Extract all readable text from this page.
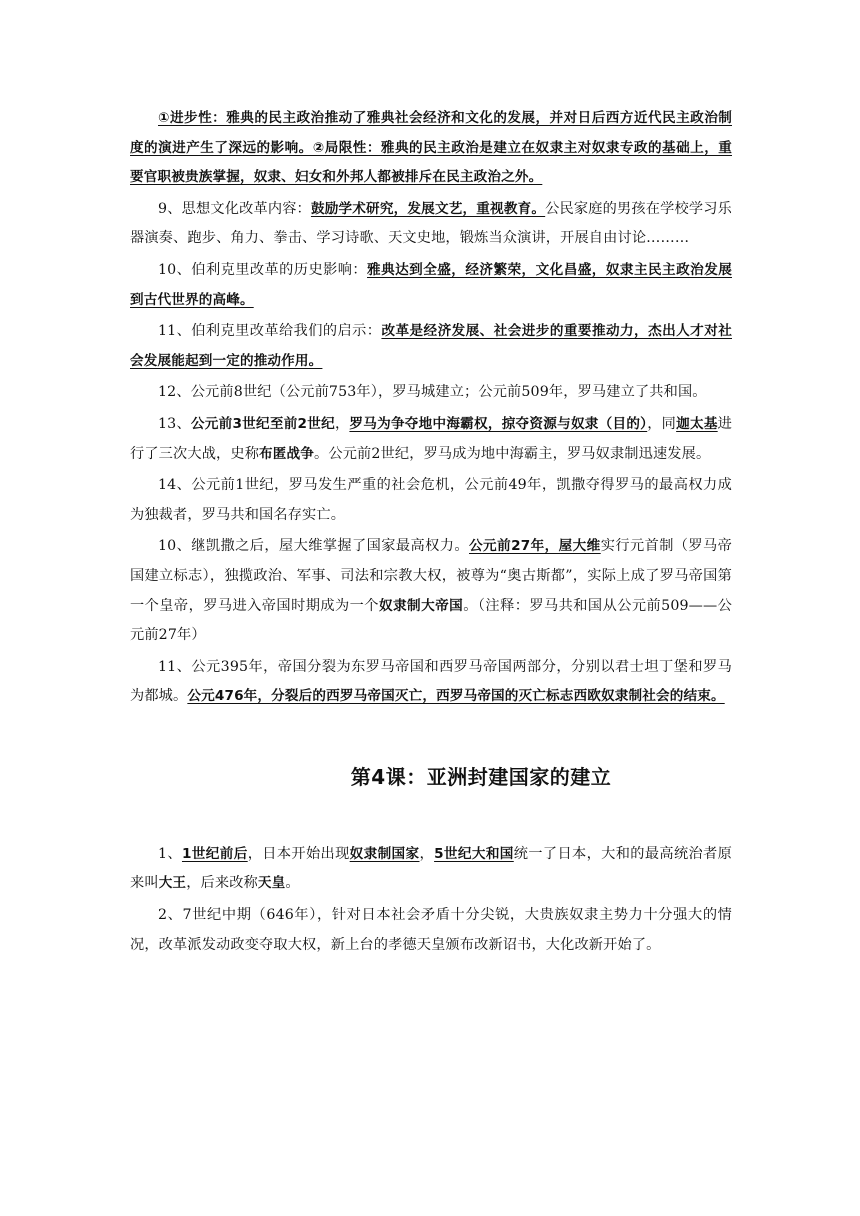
①进步性：雅典的民主政治推动了雅典社会经济和文化的发展，并对日后西方近代民主政治制度的演进产生了深远的影响。②局限性：雅典的民主政治是建立在奴隶主对奴隶专政的基础上，重要官职被贵族掌握，奴隶、妇女和外邦人都被排斥在民主政治之外。

9、思想文化改革内容：鼓励学术研究，发展文艺，重视教育。公民家庭的男孩在学校学习乐器演奏、跑步、角力、拳击、学习诗歌、天文史地，锻炼当众演讲，开展自由讨论………

10、伯利克里改革的历史影响：雅典达到全盛，经济繁荣，文化昌盛，奴隶主民主政治发展到古代世界的高峰。

11、伯利克里改革给我们的启示：改革是经济发展、社会进步的重要推动力，杰出人才对社会发展能起到一定的推动作用。

12、公元前8世纪（公元前753年），罗马城建立；公元前509年，罗马建立了共和国。

13、公元前3世纪至前2世纪，罗马为争夺地中海霸权，掠夺资源与奴隶（目的），同迦太基进行了三次大战，史称布匿战争。公元前2世纪，罗马成为地中海霸主，罗马奴隶制迅速发展。

14、公元前1世纪，罗马发生严重的社会危机，公元前49年，凯撒夺得罗马的最高权力成为独裁者，罗马共和国名存实亡。

10、继凯撒之后，屋大维掌握了国家最高权力。公元前27年，屋大维实行元首制（罗马帝国建立标志），独揽政治、军事、司法和宗教大权，被尊为“奥古斯都”，实际上成了罗马帝国第一个皇帝，罗马进入帝国时期成为一个奴隶制大帝国。（注释：罗马共和国从公元前509——公元前27年）

11、公元395年，帝国分裂为东罗马帝国和西罗马帝国两部分，分别以君士坦丁堡和罗马为都城。公元476年，分裂后的西罗马帝国灭亡，西罗马帝国的灭亡标志西欧奴隶制社会的结束。

第4课：亚洲封建国家的建立

1、1世纪前后，日本开始出现奴隶制国家，5世纪大和国统一了日本，大和的最高统治者原来叫大王，后来改称天皇。

2、7世纪中期（646年），针对日本社会矛盾十分尖锐，大贵族奴隶主势力十分强大的情况，改革派发动政变夺取大权，新上台的孝德天皇颁布改新诏书，大化改新开始了。
